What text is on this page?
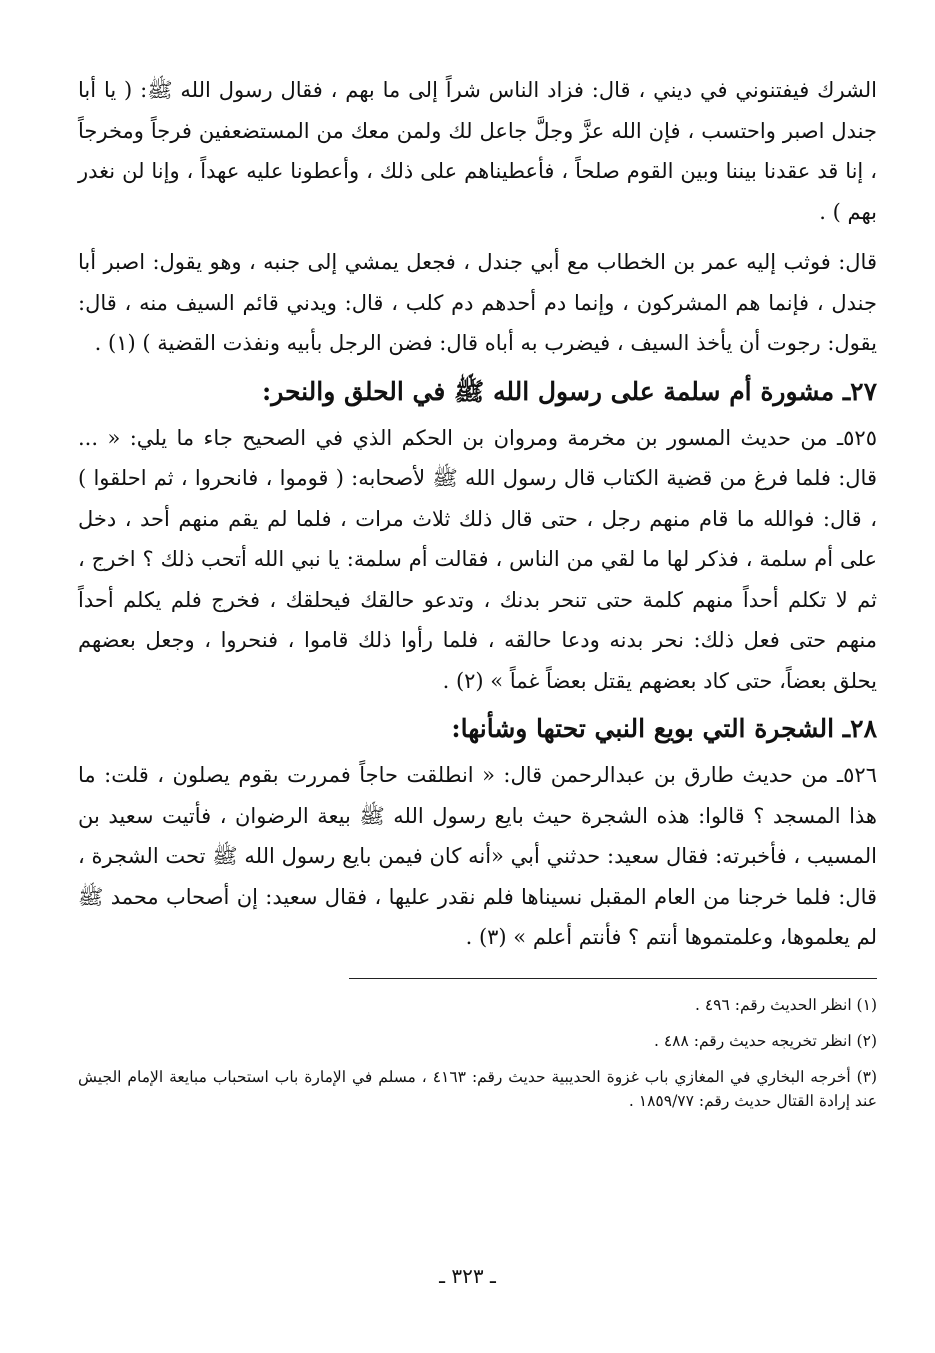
الشرك فيفتنوني في ديني ، قال: فزاد الناس شراً إلى ما بهم ، فقال رسول الله ﷺ: ( يا أبا جندل اصبر واحتسب ، فإن الله عزَّ وجلَّ جاعل لك ولمن معك من المستضعفين فرجاً ومخرجاً ، إنا قد عقدنا بيننا وبين القوم صلحاً ، فأعطيناهم على ذلك ، وأعطونا عليه عهداً ، وإنا لن نغدر بهم ) .

قال: فوثب إليه عمر بن الخطاب مع أبي جندل ، فجعل يمشي إلى جنبه ، وهو يقول: اصبر أبا جندل ، فإنما هم المشركون ، وإنما دم أحدهم دم كلب ، قال: ويدني قائم السيف منه ، قال: يقول: رجوت أن يأخذ السيف ، فيضرب به أباه قال: فضن الرجل بأبيه ونفذت القضية ) (١) .

٢٧ـ مشورة أم سلمة على رسول الله ﷺ في الحلق والنحر:

٥٢٥ـ من حديث المسور بن مخرمة ومروان بن الحكم الذي في الصحيح جاء ما يلي: « ... قال: فلما فرغ من قضية الكتاب قال رسول الله ﷺ لأصحابه: ( قوموا ، فانحروا ، ثم احلقوا ) ، قال: فوالله ما قام منهم رجل ، حتى قال ذلك ثلاث مرات ، فلما لم يقم منهم أحد ، دخل على أم سلمة ، فذكر لها ما لقي من الناس ، فقالت أم سلمة: يا نبي الله أتحب ذلك ؟ اخرج ، ثم لا تكلم أحداً منهم كلمة حتى تنحر بدنك ، وتدعو حالقك فيحلقك ، فخرج فلم يكلم أحداً منهم حتى فعل ذلك: نحر بدنه ودعا حالقه ، فلما رأوا ذلك قاموا ، فنحروا ، وجعل بعضهم يحلق بعضاً، حتى كاد بعضهم يقتل بعضاً غماً » (٢) .

٢٨ـ الشجرة التي بويع النبي تحتها وشأنها:

٥٢٦ـ من حديث طارق بن عبدالرحمن قال: « انطلقت حاجاً فمررت بقوم يصلون ، قلت: ما هذا المسجد ؟ قالوا: هذه الشجرة حيث بايع رسول الله ﷺ بيعة الرضوان ، فأتيت سعيد بن المسيب ، فأخبرته: فقال سعيد: حدثني أبي «أنه كان فيمن بايع رسول الله ﷺ تحت الشجرة ، قال: فلما خرجنا من العام المقبل نسيناها فلم نقدر عليها ، فقال سعيد: إن أصحاب محمد ﷺ لم يعلموها، وعلمتموها أنتم ؟ فأنتم أعلم » (٣) .

(١) انظر الحديث رقم: ٤٩٦ .

(٢) انظر تخريجه حديث رقم: ٤٨٨ .

(٣) أخرجه البخاري في المغازي باب غزوة الحديبية حديث رقم: ٤١٦٣ ، مسلم في الإمارة باب استحباب مبايعة الإمام الجيش عند إرادة القتال حديث رقم: ١٨٥٩/٧٧ .

ـ ٣٢٣ ـ
